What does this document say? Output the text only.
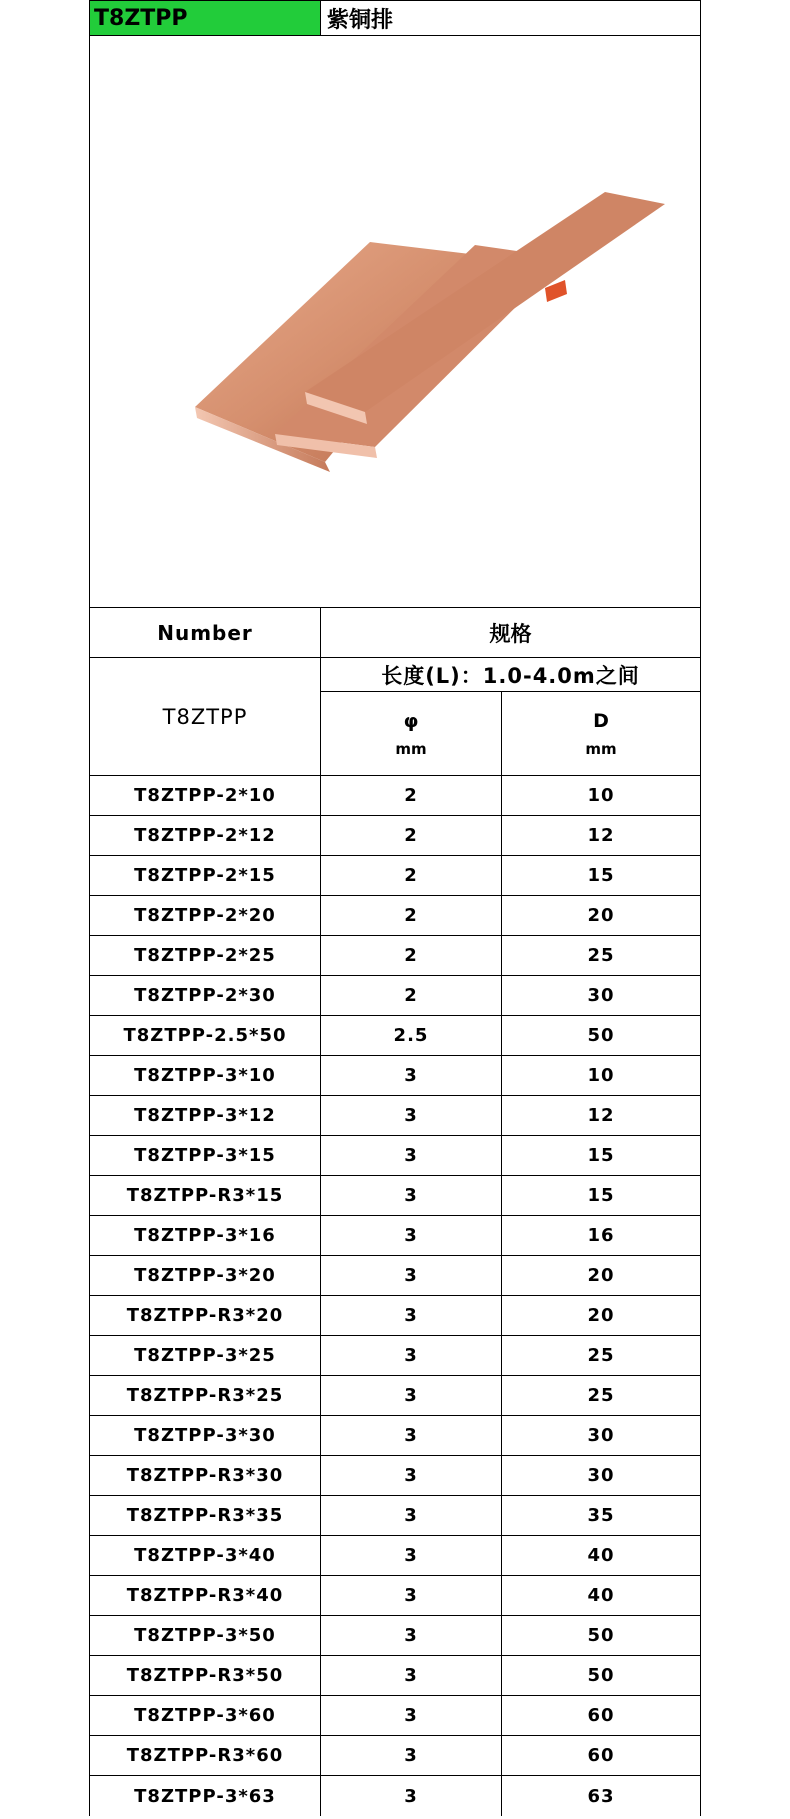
T8ZTPP	紫铜排
Number	规格
T8ZTPP
长度(L)：1.0-4.0m之间
φ
mm
D
mm
T8ZTPP-2*10	2	10
T8ZTPP-2*12	2	12
T8ZTPP-2*15	2	15
T8ZTPP-2*20	2	20
T8ZTPP-2*25	2	25
T8ZTPP-2*30	2	30
T8ZTPP-2.5*50	2.5	50
T8ZTPP-3*10	3	10
T8ZTPP-3*12	3	12
T8ZTPP-3*15	3	15
T8ZTPP-R3*15	3	15
T8ZTPP-3*16	3	16
T8ZTPP-3*20	3	20
T8ZTPP-R3*20	3	20
T8ZTPP-3*25	3	25
T8ZTPP-R3*25	3	25
T8ZTPP-3*30	3	30
T8ZTPP-R3*30	3	30
T8ZTPP-R3*35	3	35
T8ZTPP-3*40	3	40
T8ZTPP-R3*40	3	40
T8ZTPP-3*50	3	50
T8ZTPP-R3*50	3	50
T8ZTPP-3*60	3	60
T8ZTPP-R3*60	3	60
T8ZTPP-3*63	3	63
